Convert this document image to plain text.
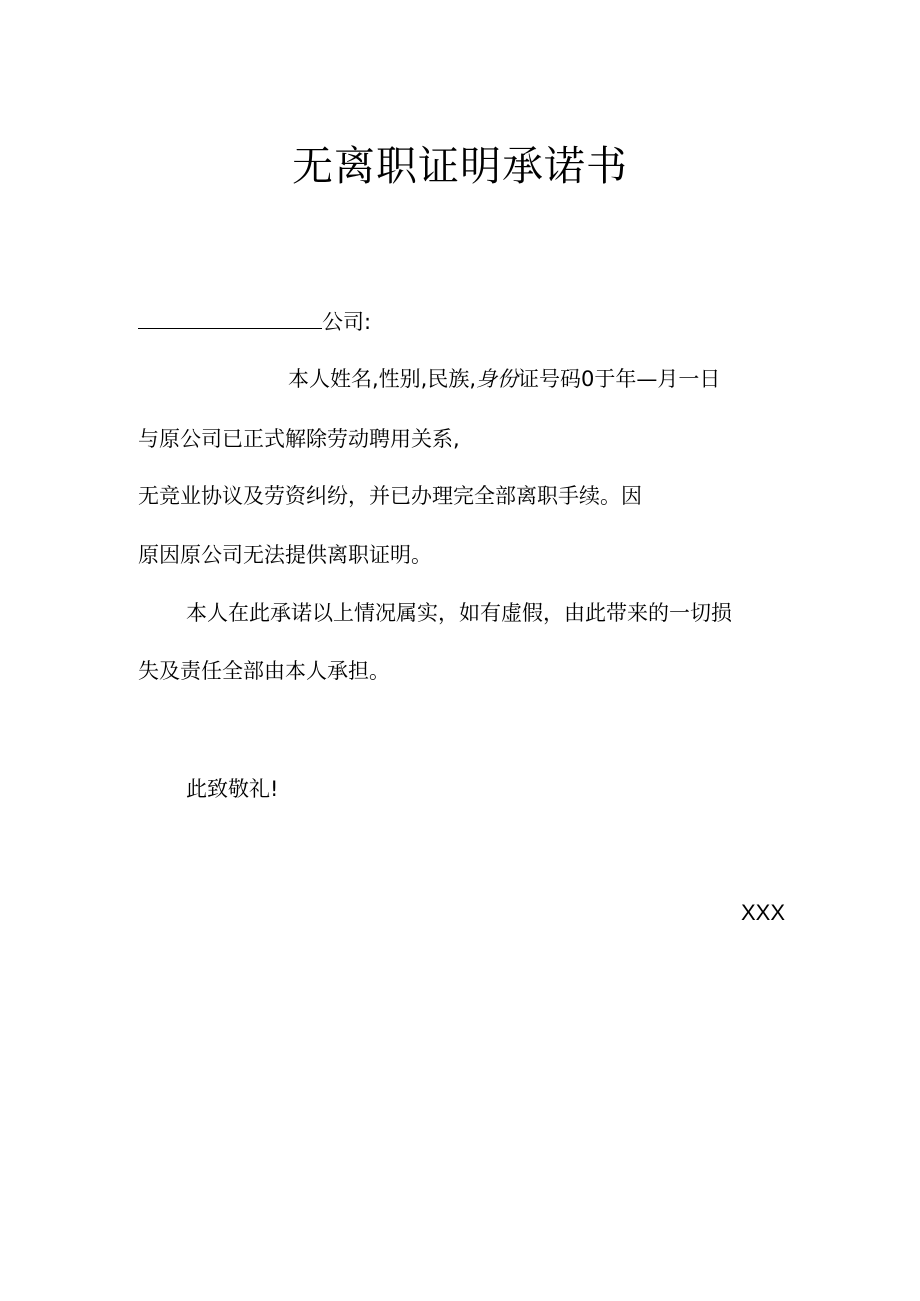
无离职证明承诺书
公司:
本人姓名,性别,民族,身份证号码0于年—月一日
与原公司已正式解除劳动聘用关系,
无竞业协议及劳资纠纷，并已办理完全部离职手续。因
原因原公司无法提供离职证明。
本人在此承诺以上情况属实，如有虚假，由此带来的一切损
失及责任全部由本人承担。
此致敬礼!
XXX
